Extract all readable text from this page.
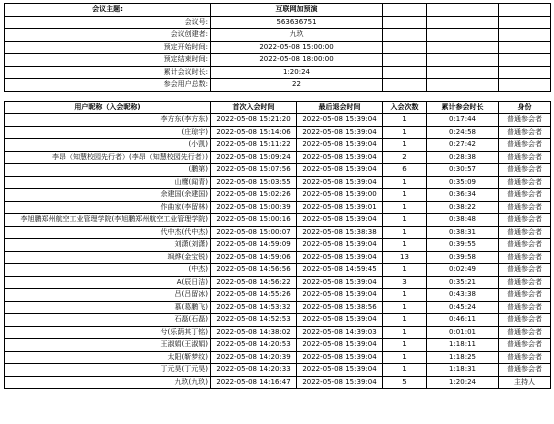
会议主题:	互联网加预演				
会议号:	563636751				
会议创建者:	九玖				
预定开始时间:	2022-05-08 15:00:00				
预定结束时间:	2022-05-08 18:00:00				
累计会议时长:	1:20:24				
参会用户总数:	22				

用户昵称（入会昵称)	首次入会时间	最后退会时间	入会次数	累计参会时长	身份
李方东(李方东)	2022-05-08 15:21:20	2022-05-08 15:39:04	1	0:17:44	普通参会者
(庄琼宇)	2022-05-08 15:14:06	2022-05-08 15:39:04	1	0:24:58	普通参会者
(小凯)	2022-05-08 15:11:22	2022-05-08 15:39:04	1	0:27:42	普通参会者
李昂（知慧校园先行者）(李昂（知慧校园先行者）)	2022-05-08 15:09:24	2022-05-08 15:39:04	2	0:28:38	普通参会者
(鹏第)	2022-05-08 15:07:56	2022-05-08 15:39:04	6	0:30:57	普通参会者
山鹰(闻青)	2022-05-08 15:03:55	2022-05-08 15:39:04	1	0:35:09	普通参会者
余建国(余建国)	2022-05-08 15:02:26	2022-05-08 15:39:00	1	0:36:34	普通参会者
作曲家(李留林)	2022-05-08 15:00:39	2022-05-08 15:39:01	1	0:38:22	普通参会者
李旭鹏郑州航空工业管理学院(李旭鹏郑州航空工业管理学院)	2022-05-08 15:00:16	2022-05-08 15:39:04	1	0:38:48	普通参会者
代中杰(代中杰)	2022-05-08 15:00:07	2022-05-08 15:38:38	1	0:38:31	普通参会者
刘潇(刘潇)	2022-05-08 14:59:09	2022-05-08 15:39:04	1	0:39:55	普通参会者
飒烨(金宝锐)	2022-05-08 14:59:06	2022-05-08 15:39:04	13	0:39:58	普通参会者
(中杰)	2022-05-08 14:56:56	2022-05-08 14:59:45	1	0:02:49	普通参会者
A(辰日洁)	2022-05-08 14:56:22	2022-05-08 15:39:04	3	0:35:21	普通参会者
吕(吕留冰)	2022-05-08 14:55:26	2022-05-08 15:39:04	1	0:43:38	普通参会者
慕(葛鹏飞)	2022-05-08 14:53:32	2022-05-08 15:38:56	1	0:45:24	普通参会者
石磊(石磊)	2022-05-08 14:52:53	2022-05-08 15:39:04	1	0:46:11	普通参会者
兮(乐荫其丁铭)	2022-05-08 14:38:02	2022-05-08 14:39:03	1	0:01:01	普通参会者
王淑娟(王淑娟)	2022-05-08 14:20:53	2022-05-08 15:39:04	1	1:18:11	普通参会者
太阳(靳梦纹)	2022-05-08 14:20:39	2022-05-08 15:39:04	1	1:18:25	普通参会者
丁元昊(丁元昊)	2022-05-08 14:20:33	2022-05-08 15:39:04	1	1:18:31	普通参会者
九玖(九玖)	2022-05-08 14:16:47	2022-05-08 15:39:04	5	1:20:24	主持人
